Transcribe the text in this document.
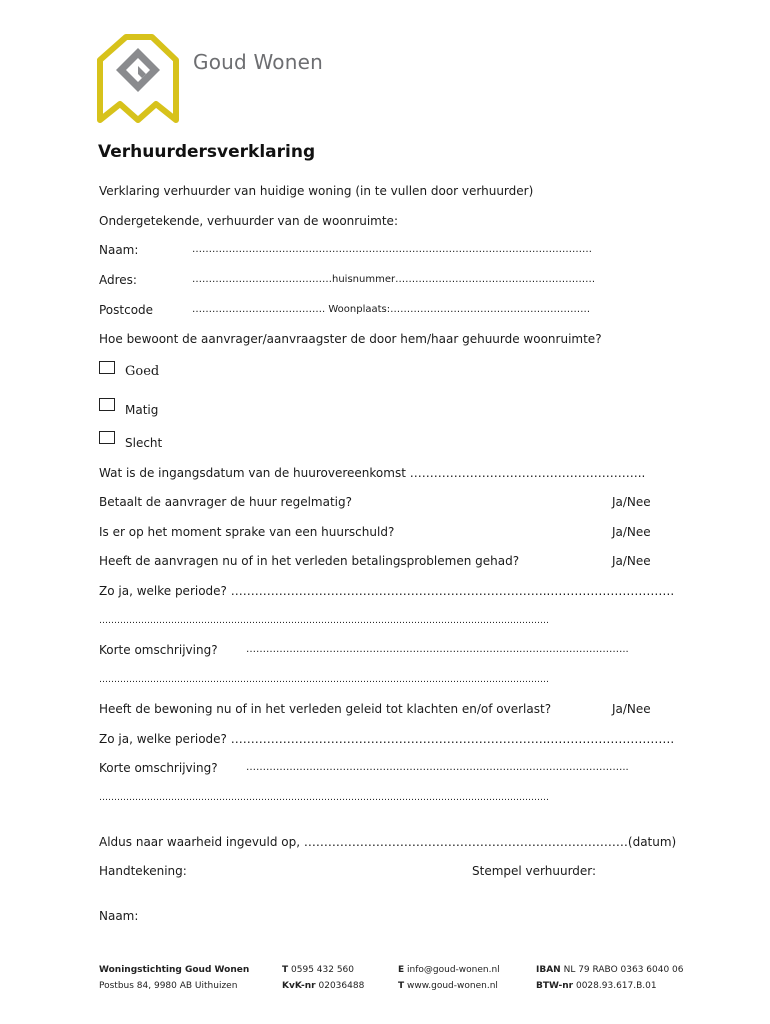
Goud Wonen
Verhuurdersverklaring
Verklaring verhuurder van huidige woning (in te vullen door verhuurder)
Ondergetekende, verhuurder van de woonruimte:
Naam:	…………………………………………………………………………………………………………
Adres:	……………………………………huisnummer……………………………………………………
Postcode	…………………………………. Woonplaats:……………………………………………………
Hoe bewoont de aanvrager/aanvraagster de door hem/haar gehuurde woonruimte?
Goed
Matig
Slecht
Wat is de ingangsdatum van de huurovereenkomst …………………………………………………..
Betaalt de aanvrager de huur regelmatig?	Ja/Nee
Is er op het moment sprake van een huurschuld?	Ja/Nee
Heeft de aanvragen nu of in het verleden betalingsproblemen gehad?	Ja/Nee
Zo ja, welke periode? ……………………………………………………………………..………………………….
……………………………………………………………………………………………………………………………………
Korte omschrijving?	………………………………………………………………………..…………………………..
……………………………………………………………………………………………………………………………………
Heeft de bewoning nu of in het verleden geleid tot klachten en/of overlast?	Ja/Nee
Zo ja, welke periode? ……………………………………………………………………..………………………….
Korte omschrijving?	………………………………………………………………………..…………………………..
……………………………………………………………………………………………………………………………………
Aldus naar waarheid ingevuld op, ………………………………………………………………………(datum)
Handtekening:	Stempel verhuurder:
Naam:
Woningstichting Goud Wonen
Postbus 84, 9980 AB Uithuizen
T 0595 432 560
KvK-nr 02036488
E info@goud-wonen.nl
T www.goud-wonen.nl
IBAN NL 79 RABO 0363 6040 06
BTW-nr 0028.93.617.B.01
